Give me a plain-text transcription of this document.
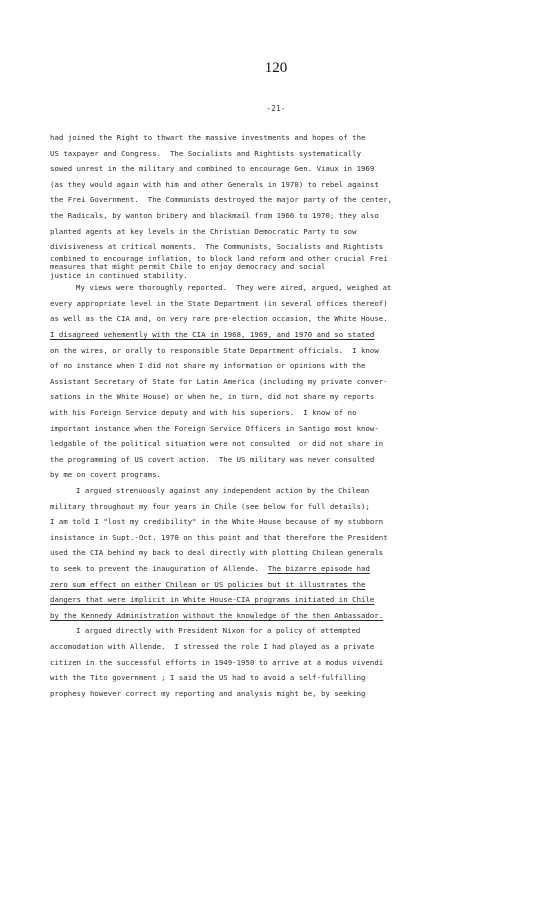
120
-21-
had joined the Right to thwart the massive investments and hopes of the
US taxpayer and Congress.  The Socialists and Rightists systematically
sowed unrest in the military and combined to encourage Gen. Viaux in 1969
(as they would again with him and other Generals in 1970) to rebel against
the Frei Government.  The Communists destroyed the major party of the center,
the Radicals, by wanton bribery and blackmail from 1966 to 1970; they also
planted agents at key levels in the Christian Democratic Party to sow
divisiveness at critical moments.  The Communists, Socialists and Rightists
combined to encourage inflation, to block land reform and other crucial Frei
measures that might permit Chile to enjoy democracy and social
justice in continued stability.
My views were thoroughly reported.  They were aired, argued, weighed at
every appropriate level in the State Department (in several offices thereof)
as well as the CIA and, on very rare pre-election occasion, the White House.
I disagreed vehemently with the CIA in 1968, 1969, and 1970 and so stated
on the wires, or orally to responsible State Department officials.  I know
of no instance when I did not share my information or opinions with the
Assistant Secretary of State for Latin America (including my private conver-
sations in the White House) or when he, in turn, did not share my reports
with his Foreign Service deputy and with his superiors.  I know of no
important instance when the Foreign Service Officers in Santigo most know-
ledgable of the political situation were not consulted  or did not share in
the programming of US covert action.  The US military was never consulted
by me on covert programs.
I argued strenuously against any independent action by the Chilean
military throughout my four years in Chile (see below for full details);
I am told I "lost my credibility" in the White House because of my stubborn
insistance in Supt.-Oct. 1970 on this point and that therefore the President
used the CIA behind my back to deal directly with plotting Chilean generals
to seek to prevent the inauguration of Allende.  The bizarre episode had
zero sum effect on either Chilean or US policies but it illustrates the
dangers that were implicit in White House-CIA programs initiated in Chile
by the Kennedy Administration without the knowledge of the then Ambassador.
I argued directly with President Nixon for a policy of attempted
accomodation with Allende.  I stressed the role I had played as a private
citizen in the successful efforts in 1949-1950 to arrive at a modus vivendi
with the Tito government ; I said the US had to avoid a self-fulfilling
prophesy however correct my reporting and analysis might be, by seeking
